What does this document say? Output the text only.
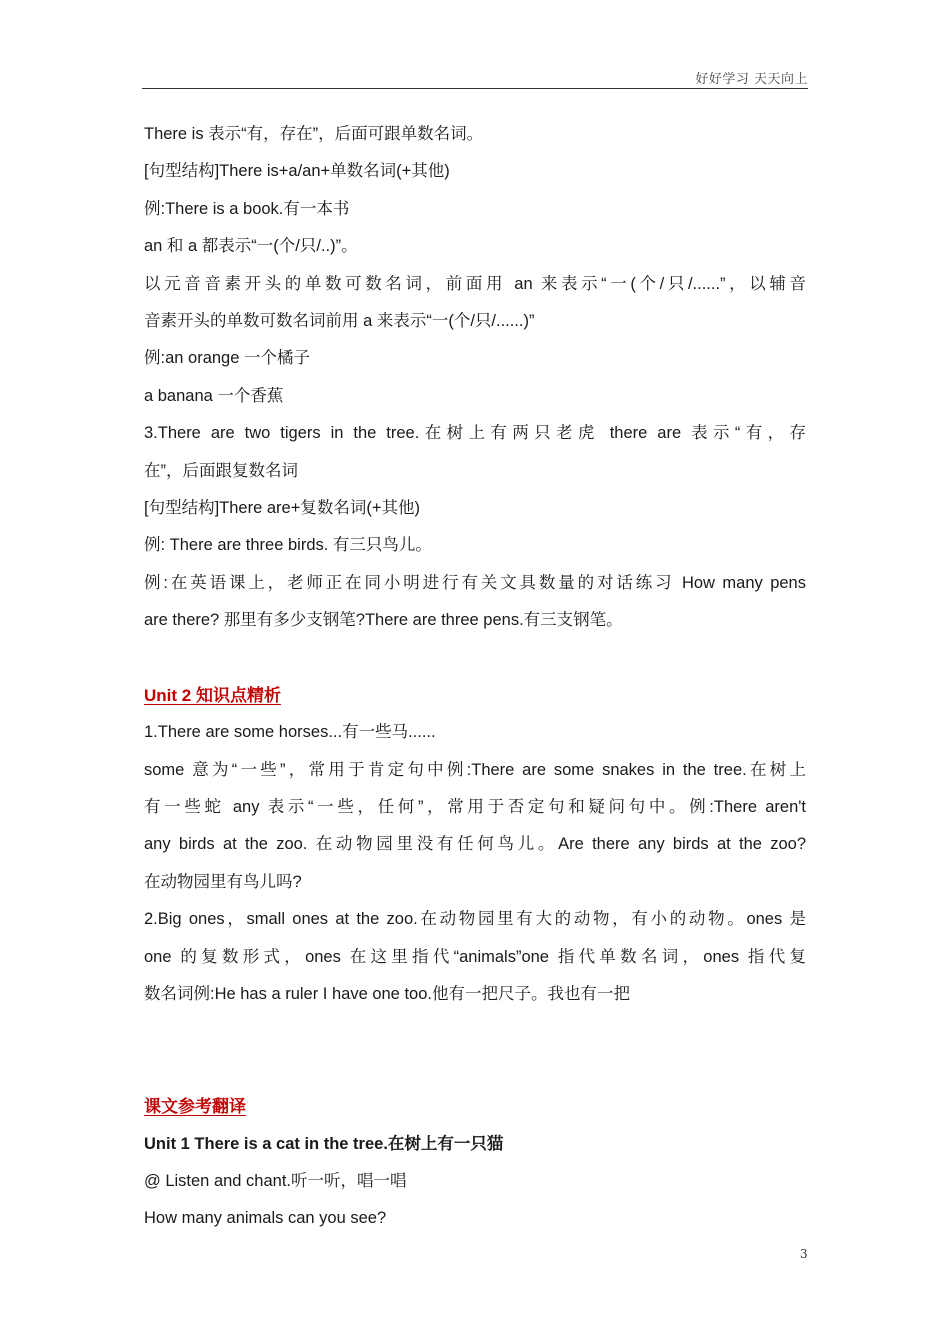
好好学习 天天向上
There is 表示“有，存在”，后面可跟单数名词。
[句型结构]There is+a/an+单数名词(+其他)
例:There is a book.有一本书
an 和 a 都表示“一(个/只/..)”。
以元音音素开头的单数可数名词，前面用 an 来表示“一(个/只/......”，以辅音
音素开头的单数可数名词前用 a 来表示“一(个/只/......)”
例:an orange 一个橘子
a banana 一个香蕉
3.There are two tigers in the tree.在树上有两只老虎 there are 表示“有，存
在”，后面跟复数名词
[句型结构]There are+复数名词(+其他)
例: There are three birds. 有三只鸟儿。
例:在英语课上，老师正在同小明进行有关文具数量的对话练习 How many pens
are there? 那里有多少支钢笔?There are three pens.有三支钢笔。
Unit 2 知识点精析
1.There are some horses...有一些马......
some 意为“一些”，常用于肯定句中例:There are some snakes in the tree.在树上
有一些蛇 any 表示“一些，任何”，常用于否定句和疑问句中。例:There aren't
any birds at the zoo. 在动物园里没有任何鸟儿。Are there any birds at the zoo?
在动物园里有鸟儿吗?
2.Big ones，small ones at the zoo.在动物园里有大的动物，有小的动物。ones 是
one 的复数形式，ones 在这里指代“animals”one 指代单数名词，ones 指代复
数名词例:He has a ruler I have one too.他有一把尺子。我也有一把
课文参考翻译
Unit 1 There is a cat in the tree.在树上有一只猫
@ Listen and chant.听一听，唱一唱
How many animals can you see?
3
